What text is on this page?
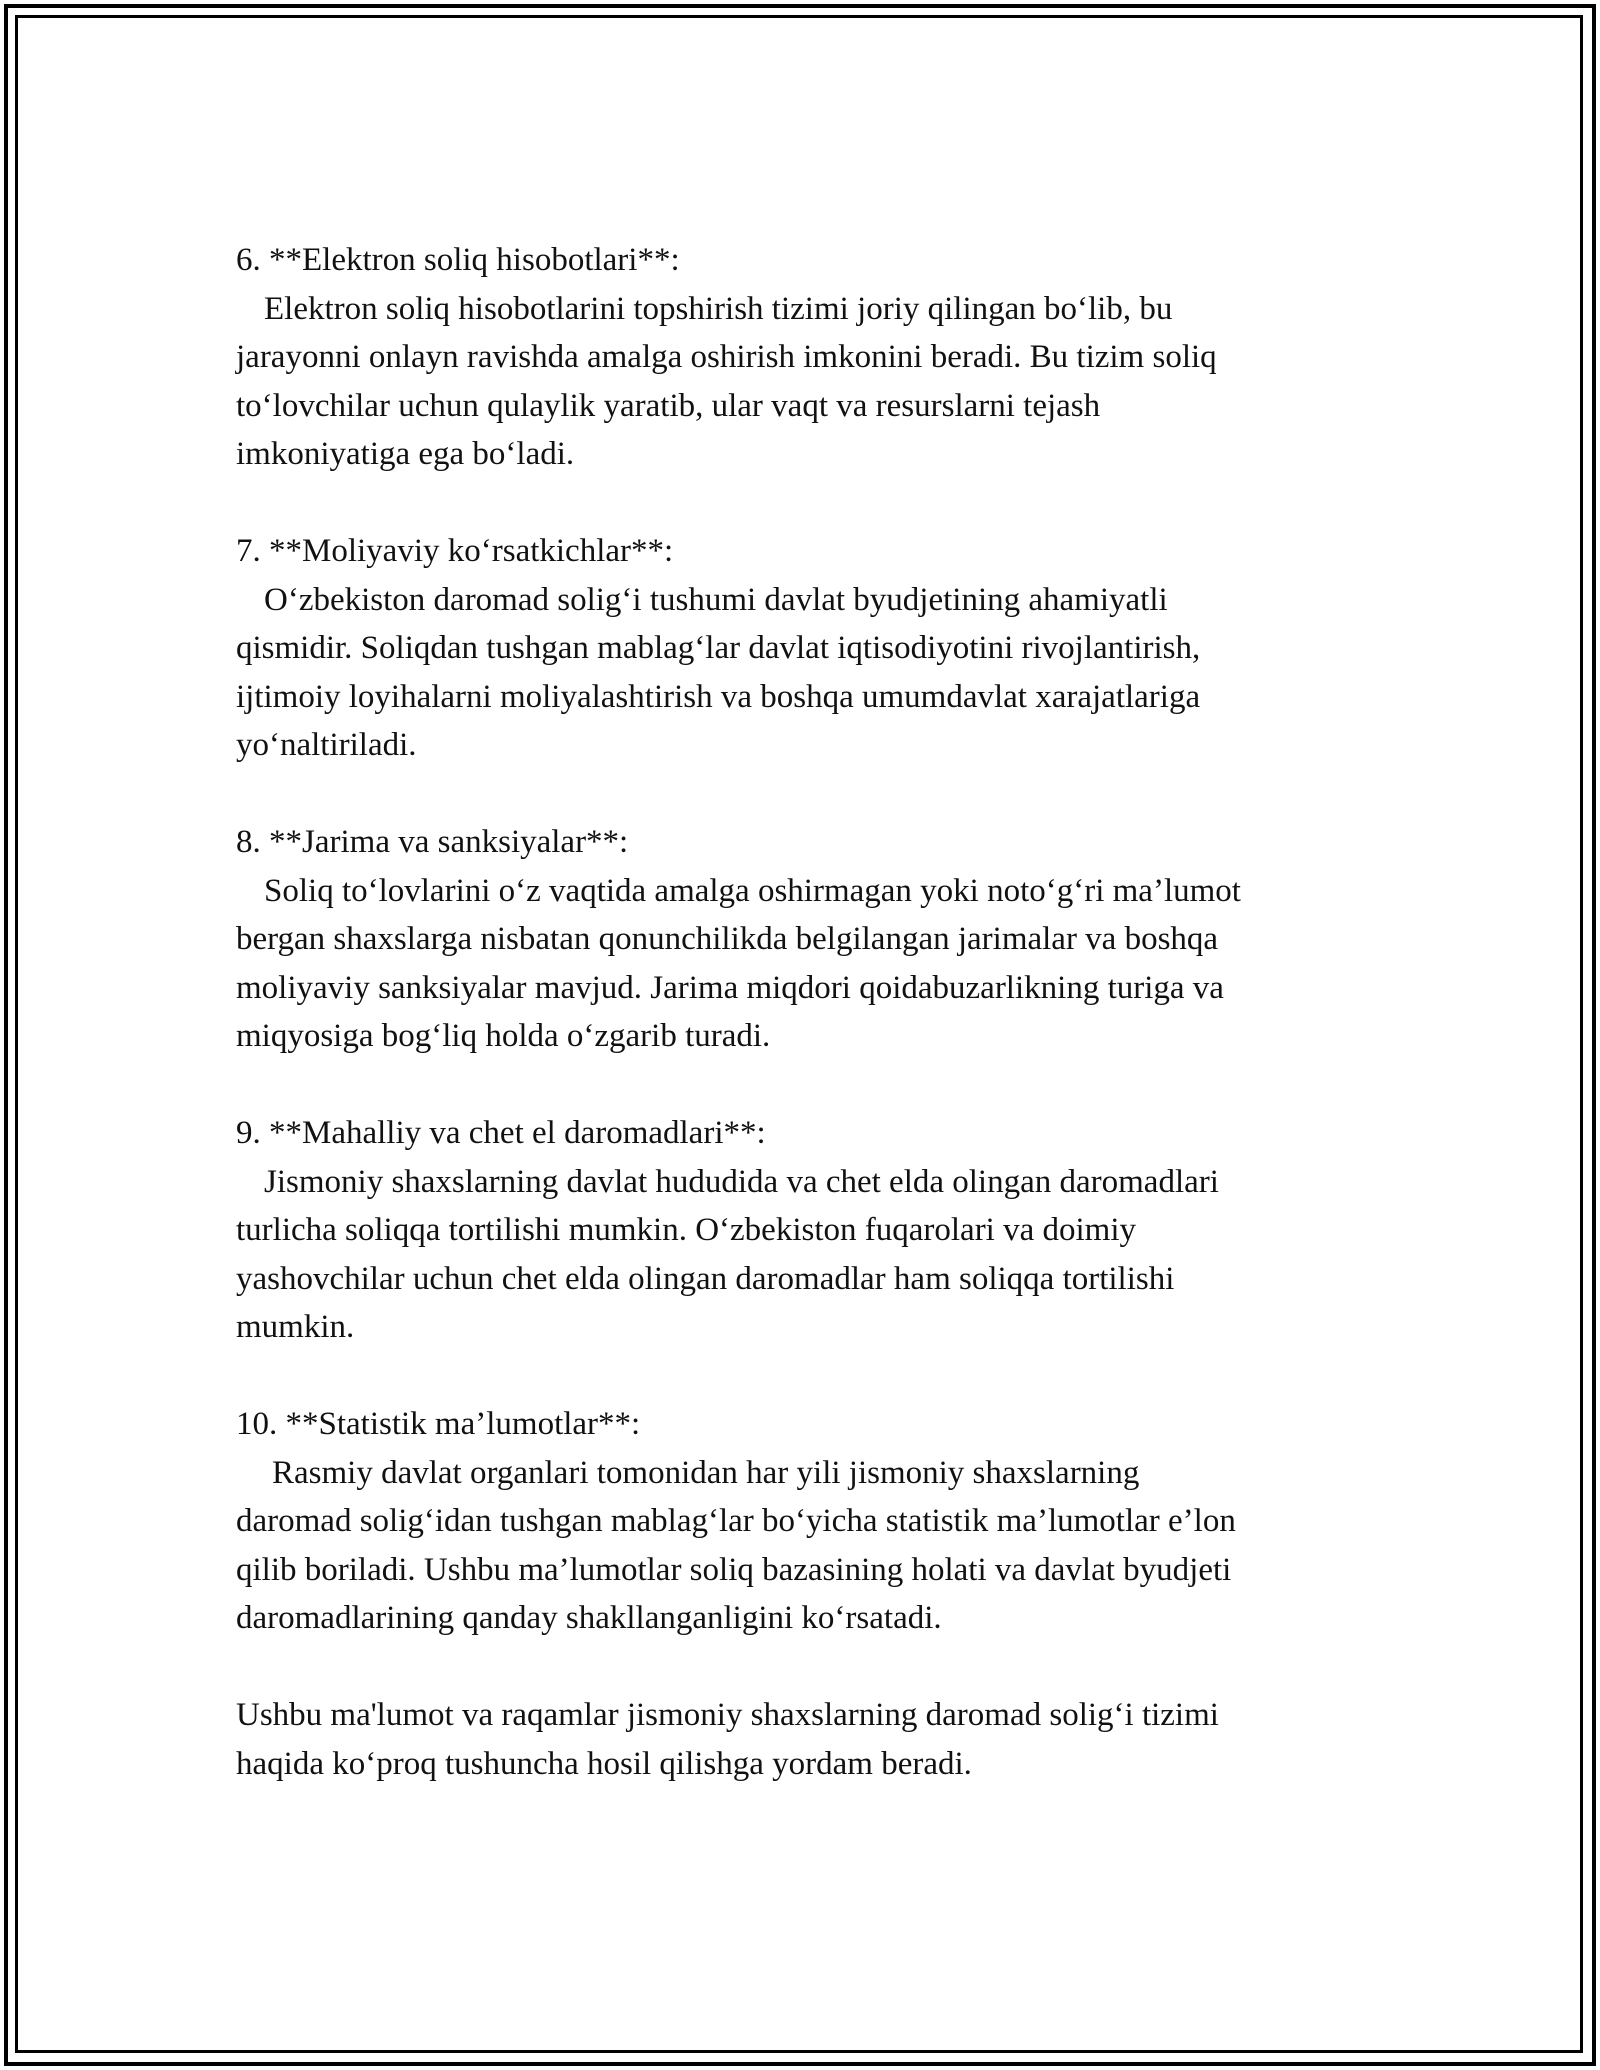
6. **Elektron soliq hisobotlari**:
Elektron soliq hisobotlarini topshirish tizimi joriy qilingan bo‘lib, bu
jarayonni onlayn ravishda amalga oshirish imkonini beradi. Bu tizim soliq
to‘lovchilar uchun qulaylik yaratib, ular vaqt va resurslarni tejash
imkoniyatiga ega bo‘ladi.
7. **Moliyaviy ko‘rsatkichlar**:
O‘zbekiston daromad solig‘i tushumi davlat byudjetining ahamiyatli
qismidir. Soliqdan tushgan mablag‘lar davlat iqtisodiyotini rivojlantirish,
ijtimoiy loyihalarni moliyalashtirish va boshqa umumdavlat xarajatlariga
yo‘naltiriladi.
8. **Jarima va sanksiyalar**:
Soliq to‘lovlarini o‘z vaqtida amalga oshirmagan yoki noto‘g‘ri ma’lumot
bergan shaxslarga nisbatan qonunchilikda belgilangan jarimalar va boshqa
moliyaviy sanksiyalar mavjud. Jarima miqdori qoidabuzarlikning turiga va
miqyosiga bog‘liq holda o‘zgarib turadi.
9. **Mahalliy va chet el daromadlari**:
Jismoniy shaxslarning davlat hududida va chet elda olingan daromadlari
turlicha soliqqa tortilishi mumkin. O‘zbekiston fuqarolari va doimiy
yashovchilar uchun chet elda olingan daromadlar ham soliqqa tortilishi
mumkin.
10. **Statistik ma’lumotlar**:
Rasmiy davlat organlari tomonidan har yili jismoniy shaxslarning
daromad solig‘idan tushgan mablag‘lar bo‘yicha statistik ma’lumotlar e’lon
qilib boriladi. Ushbu ma’lumotlar soliq bazasining holati va davlat byudjeti
daromadlarining qanday shakllanganligini ko‘rsatadi.
Ushbu ma'lumot va raqamlar jismoniy shaxslarning daromad solig‘i tizimi
haqida ko‘proq tushuncha hosil qilishga yordam beradi.
